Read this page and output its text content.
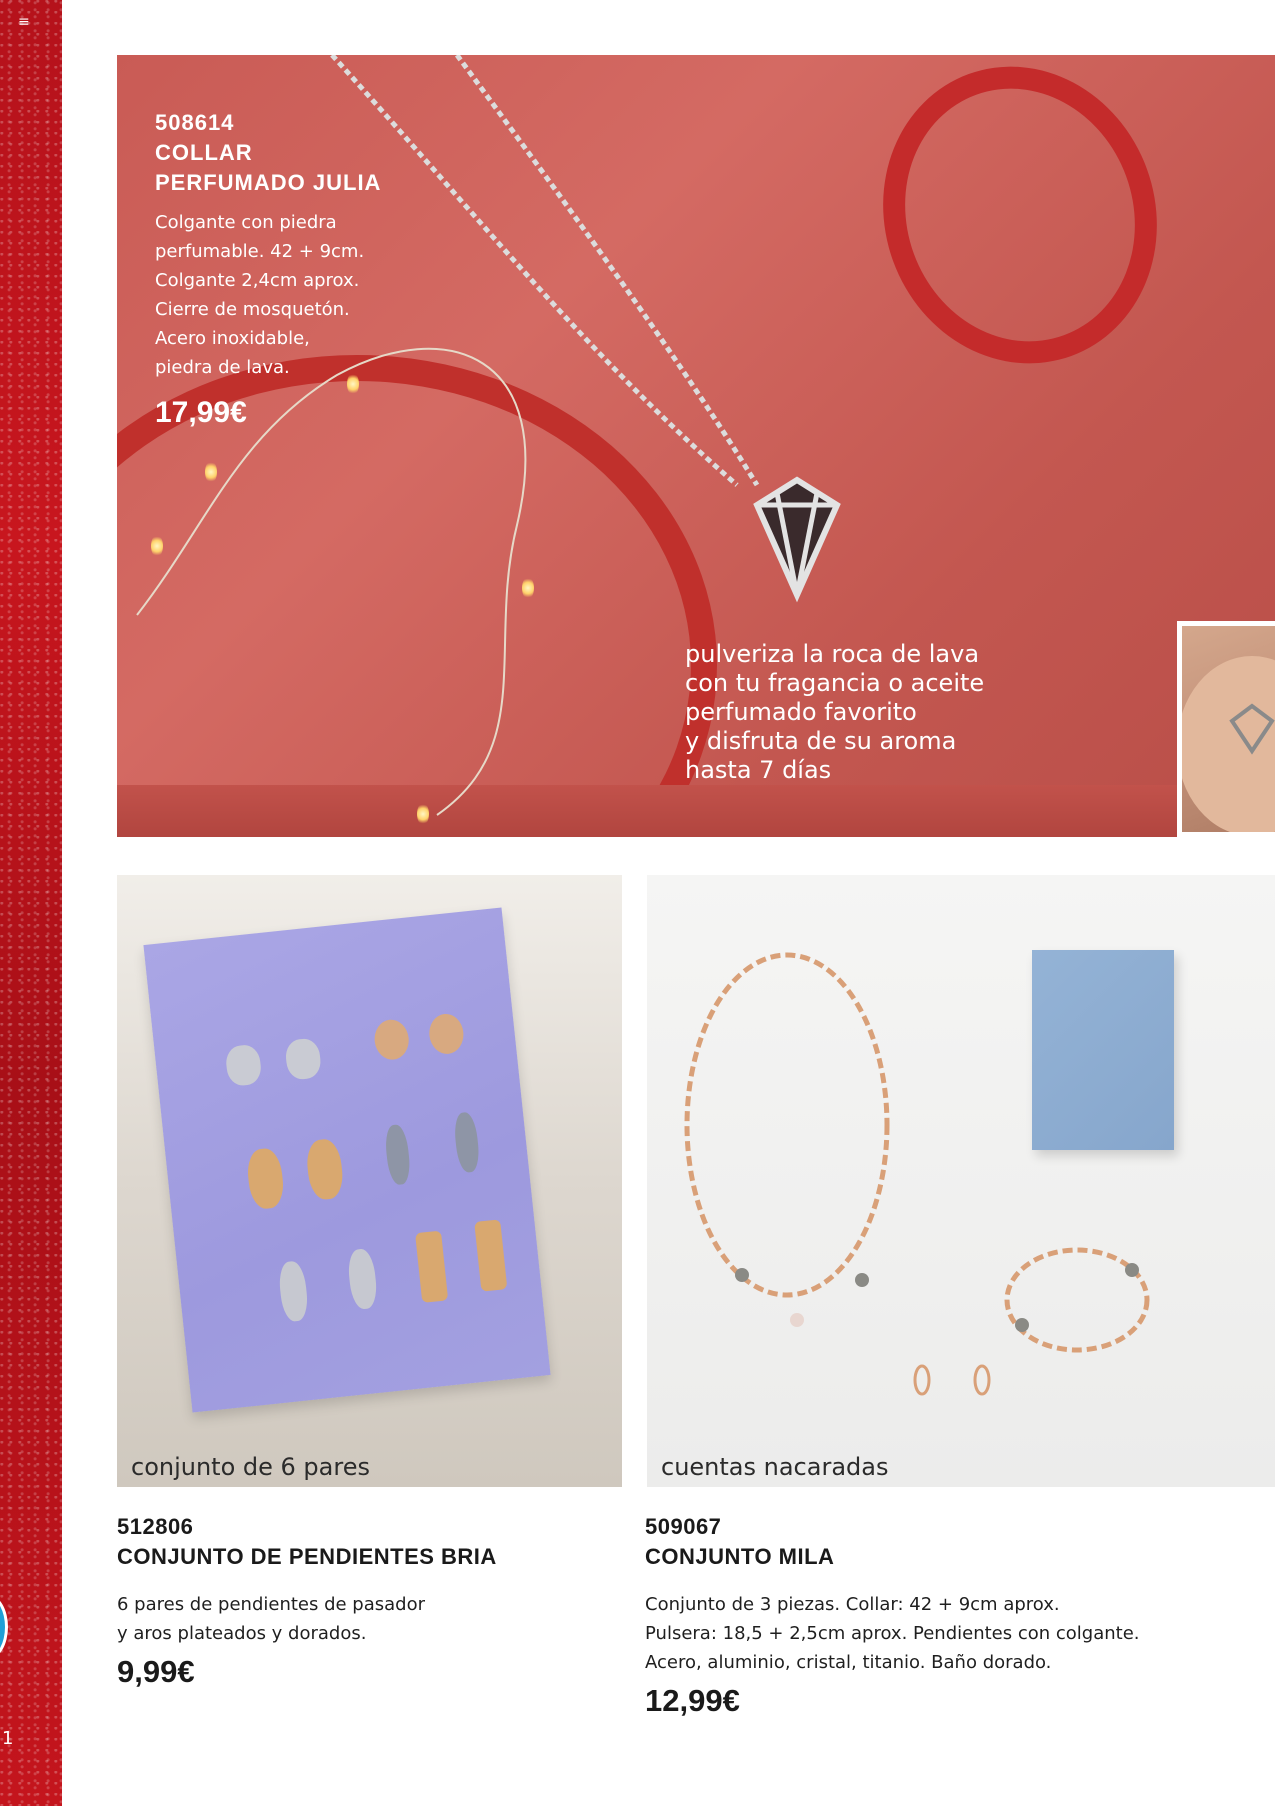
≡
1
508614
COLLAR
PERFUMADO JULIA
Colgante con piedra
perfumable. 42 + 9cm.
Colgante 2,4cm aprox.
Cierre de mosquetón.
Acero inoxidable,
piedra de lava.
17,99€
pulveriza la roca de lava
con tu fragancia o aceite
perfumado favorito
y disfruta de su aroma
hasta 7 días
conjunto de 6 pares	cuentas nacaradas
512806
CONJUNTO DE PENDIENTES BRIA
6 pares de pendientes de pasador
y aros plateados y dorados.
9,99€
509067
CONJUNTO MILA
Conjunto de 3 piezas. Collar: 42 + 9cm aprox.
Pulsera: 18,5 + 2,5cm aprox. Pendientes con colgante.
Acero, aluminio, cristal, titanio. Baño dorado.
12,99€
